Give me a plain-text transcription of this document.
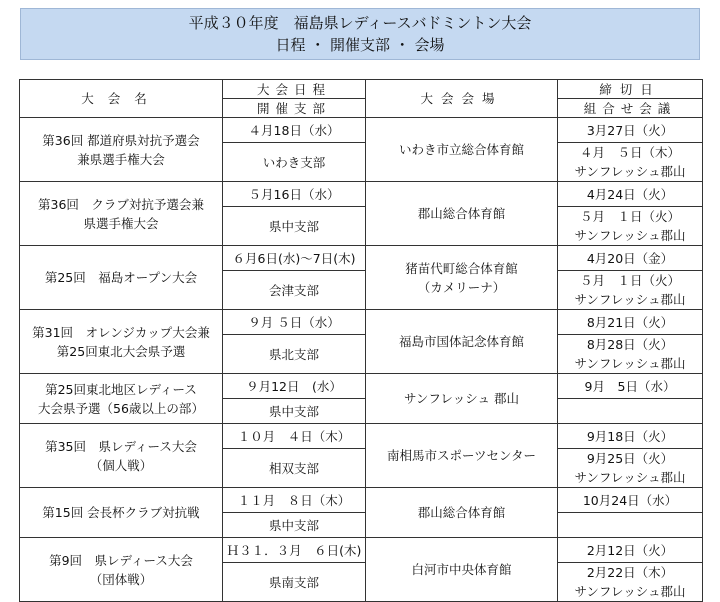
平成３０年度　福島県レディースバドミントン大会
日程 ・ 開催支部 ・ 会場
大会名	大会日程	大会会場	締切日
	開催支部		組合せ会議

第36回 都道府県対抗予選会
兼県選手権大会	４月18日（水）	いわき市立総合体育館	3月27日（火）
	いわき支部		４月　５日（木）
サンフレッシュ郡山

第36回　クラブ対抗予選会兼
県選手権大会	５月16日（水）	郡山総合体育館	4月24日（火）
	県中支部		５月　１日（火）
サンフレッシュ郡山

第25回　福島オープン大会	６月6日(水)～7日(木)	猪苗代町総合体育館
（カメリーナ）	4月20日（金）
	会津支部		５月　１日（火）
サンフレッシュ郡山

第31回　オレンジカップ大会兼
第25回東北大会県予選	９月 ５日（水）	福島市国体記念体育館	8月21日（火）
	県北支部		8月28日（火）
サンフレッシュ郡山

第25回東北地区レディース
大会県予選（56歳以上の部）	９月12日　(水）	サンフレッシュ 郡山	9月　5日（水）
	県中支部		

第35回　県レディース大会
（個人戦）	１０月　４日（木）	南相馬市スポーツセンター	9月18日（火）
	相双支部		9月25日（火）
サンフレッシュ郡山

第15回 会長杯クラブ対抗戦	１１月　８日（木）	郡山総合体育館	10月24日（水）
	県中支部		

第9回　県レディース大会
（団体戦）	Ｈ３１．３月　６日(木)	白河市中央体育館	2月12日（火）
	県南支部		2月22日（木）
サンフレッシュ郡山
